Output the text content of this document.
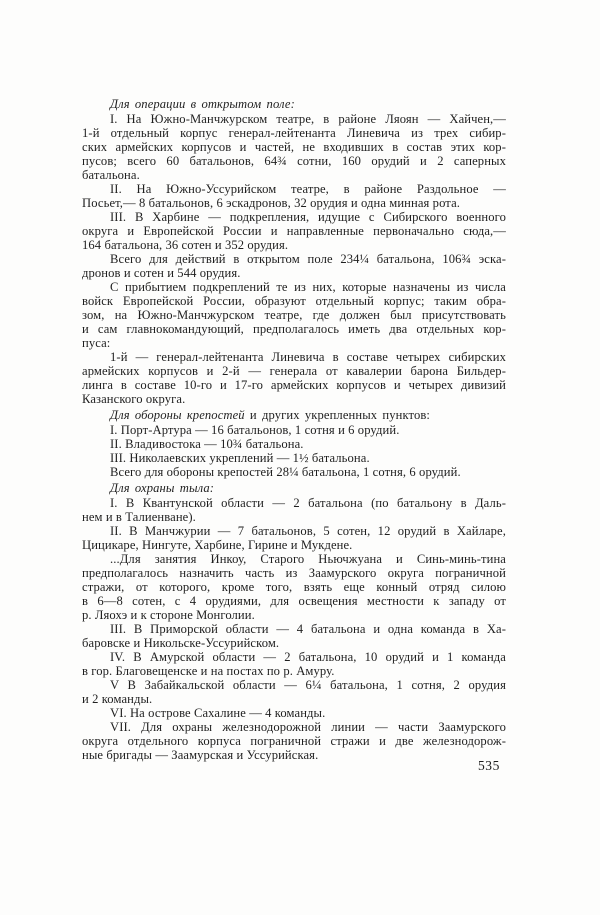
Для операции в открытом поле:
I. На Южно-Манчжурском театре, в районе Ляоян — Хайчен,—
1-й отдельный корпус генерал-лейтенанта Линевича из трех сибир-
ских армейских корпусов и частей, не входивших в состав этих кор-
пусов; всего 60 батальонов, 64¾ сотни, 160 орудий и 2 саперных
батальона.
II. На Южно-Уссурийском театре, в районе Раздольное —
Посьет,— 8 батальонов, 6 эскадронов, 32 орудия и одна минная рота.
III. В Харбине — подкрепления, идущие с Сибирского военного
округа и Европейской России и направленные первоначально сюда,—
164 батальона, 36 сотен и 352 орудия.
Всего для действий в открытом поле 234¼ батальона, 106¾ эска-
дронов и сотен и 544 орудия.
С прибытием подкреплений те из них, которые назначены из числа
войск Европейской России, образуют отдельный корпус; таким обра-
зом, на Южно-Манчжурском театре, где должен был присутствовать
и сам главнокомандующий, предполагалось иметь два отдельных кор-
пуса:
1-й — генерал-лейтенанта Линевича в составе четырех сибирских
армейских корпусов и 2-й — генерала от кавалерии барона Бильдер-
линга в составе 10-го и 17-го армейских корпусов и четырех дивизий
Казанского округа.
Для обороны крепостей и других укрепленных пунктов:
I. Порт-Артура — 16 батальонов, 1 сотня и 6 орудий.
II. Владивостока — 10¾ батальона.
III. Николаевских укреплений — 1½ батальона.
Всего для обороны крепостей 28¼ батальона, 1 сотня, 6 орудий.
Для охраны тыла:
I. В Квантунской области — 2 батальона (по батальону в Даль-
нем и в Талиенване).
II. В Манчжурии — 7 батальонов, 5 сотен, 12 орудий в Хайларе,
Цицикаре, Нингуте, Харбине, Гирине и Мукдене.
...Для занятия Инкоу, Старого Ньючжуана и Синь-минь-тина
предполагалось назначить часть из Заамурского округа пограничной
стражи, от которого, кроме того, взять еще конный отряд силою
в 6—8 сотен, с 4 орудиями, для освещения местности к западу от
р. Ляохэ и к стороне Монголии.
III. В Приморской области — 4 батальона и одна команда в Ха-
баровске и Никольске-Уссурийском.
IV. В Амурской области — 2 батальона, 10 орудий и 1 команда
в гор. Благовещенске и на постах по р. Амуру.
V В Забайкальской области — 6¼ батальона, 1 сотня, 2 орудия
и 2 команды.
VI. На острове Сахалине — 4 команды.
VII. Для охраны железнодорожной линии — части Заамурского
округа отдельного корпуса пограничной стражи и две железнодорож-
ные бригады — Заамурская и Уссурийская.
535
